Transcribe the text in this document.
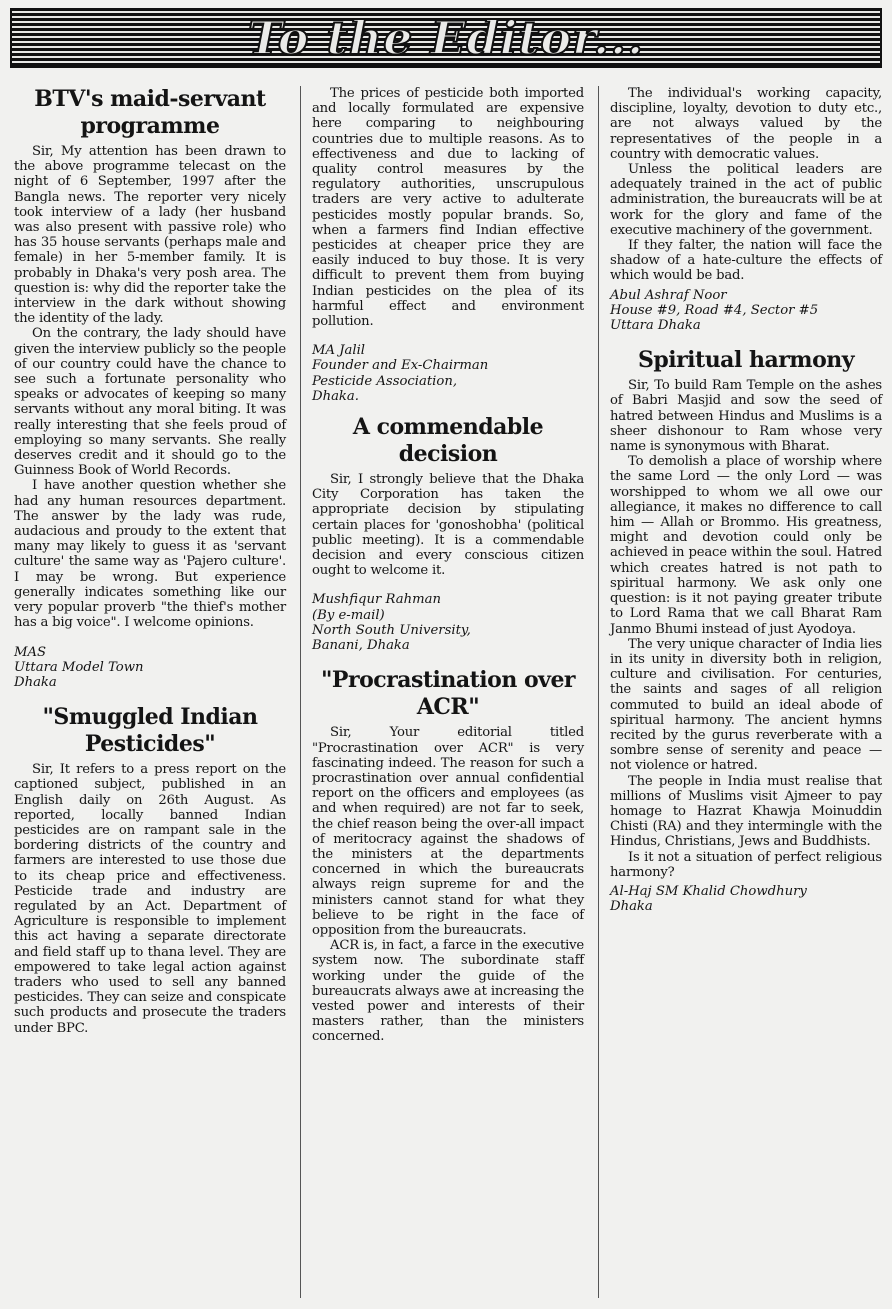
To the Editor...
BTV's maid-servant programme

Sir, My attention has been drawn to the above programme telecast on the night of 6 September, 1997 after the Bangla news. The reporter very nicely took interview of a lady (her husband was also present with passive role) who has 35 house servants (perhaps male and female) in her 5-member family. It is probably in Dhaka's very posh area. The question is: why did the reporter take the interview in the dark without showing the identity of the lady.

On the contrary, the lady should have given the interview publicly so the people of our country could have the chance to see such a fortunate personality who speaks or advocates of keeping so many servants without any moral biting. It was really interesting that she feels proud of employing so many servants. She really deserves credit and it should go to the Guinness Book of World Records.

I have another question whether she had any human resources department. The answer by the lady was rude, audacious and proudy to the extent that many may likely to guess it as 'servant culture' the same way as 'Pajero culture'. I may be wrong. But experience generally indicates something like our very popular proverb "the thief's mother has a big voice". I welcome opinions.

MAS
Uttara Model Town
Dhaka
"Smuggled Indian Pesticides"

Sir, It refers to a press report on the captioned subject, published in an English daily on 26th August. As reported, locally banned Indian pesticides are on rampant sale in the bordering districts of the country and farmers are interested to use those due to its cheap price and effectiveness. Pesticide trade and industry are regulated by an Act. Department of Agriculture is responsible to implement this act having a separate directorate and field staff up to thana level. They are empowered to take legal action against traders who used to sell any banned pesticides. They can seize and conspicate such products and prosecute the traders under BPC.

The prices of pesticide both imported and locally formulated are expensive here comparing to neighbouring countries due to multiple reasons. As to effectiveness and due to lacking of quality control measures by the regulatory authorities, unscrupulous traders are very active to adulterate pesticides mostly popular brands. So, when a farmers find Indian effective pesticides at cheaper price they are easily induced to buy those. It is very difficult to prevent them from buying Indian pesticides on the plea of its harmful effect and environment pollution.

MA Jalil
Founder and Ex-Chairman
Pesticide Association,
Dhaka.
A commendable decision

Sir, I strongly believe that the Dhaka City Corporation has taken the appropriate decision by stipulating certain places for 'gonoshobha' (political public meeting). It is a commendable decision and every conscious citizen ought to welcome it.

Mushfiqur Rahman
(By e-mail)
North South University,
Banani, Dhaka
"Procrastination over ACR"

Sir, Your editorial titled "Procrastination over ACR" is very fascinating indeed. The reason for such a procrastination over annual confidential report on the officers and employees (as and when required) are not far to seek, the chief reason being the over-all impact of meritocracy against the shadows of the ministers at the departments concerned in which the bureaucrats always reign supreme for and the ministers cannot stand for what they believe to be right in the face of opposition from the bureaucrats.

ACR is, in fact, a farce in the executive system now. The subordinate staff working under the guide of the bureaucrats always awe at increasing the vested power and interests of their masters rather, than the ministers concerned.

The individual's working capacity, discipline, loyalty, devotion to duty etc., are not always valued by the representatives of the people in a country with democratic values.

Unless the political leaders are adequately trained in the act of public administration, the bureaucrats will be at work for the glory and fame of the executive machinery of the government.

If they falter, the nation will face the shadow of a hate-culture the effects of which would be bad.

Abul Ashraf Noor
House #9, Road #4, Sector #5
Uttara Dhaka
Spiritual harmony

Sir, To build Ram Temple on the ashes of Babri Masjid and sow the seed of hatred between Hindus and Muslims is a sheer dishonour to Ram whose very name is synonymous with Bharat.

To demolish a place of worship where the same Lord — the only Lord — was worshipped to whom we all owe our allegiance, it makes no difference to call him — Allah or Brommo. His greatness, might and devotion could only be achieved in peace within the soul. Hatred which creates hatred is not path to spiritual harmony. We ask only one question: is it not paying greater tribute to Lord Rama that we call Bharat Ram Janmo Bhumi instead of just Ayodoya.

The very unique character of India lies in its unity in diversity both in religion, culture and civilisation. For centuries, the saints and sages of all religion commuted to build an ideal abode of spiritual harmony. The ancient hymns recited by the gurus reverberate with a sombre sense of serenity and peace — not violence or hatred.

The people in India must realise that millions of Muslims visit Ajmeer to pay homage to Hazrat Khawja Moinuddin Chisti (RA) and they intermingle with the Hindus, Christians, Jews and Buddhists.

Is it not a situation of perfect religious harmony?

Al-Haj SM Khalid Chowdhury
Dhaka
